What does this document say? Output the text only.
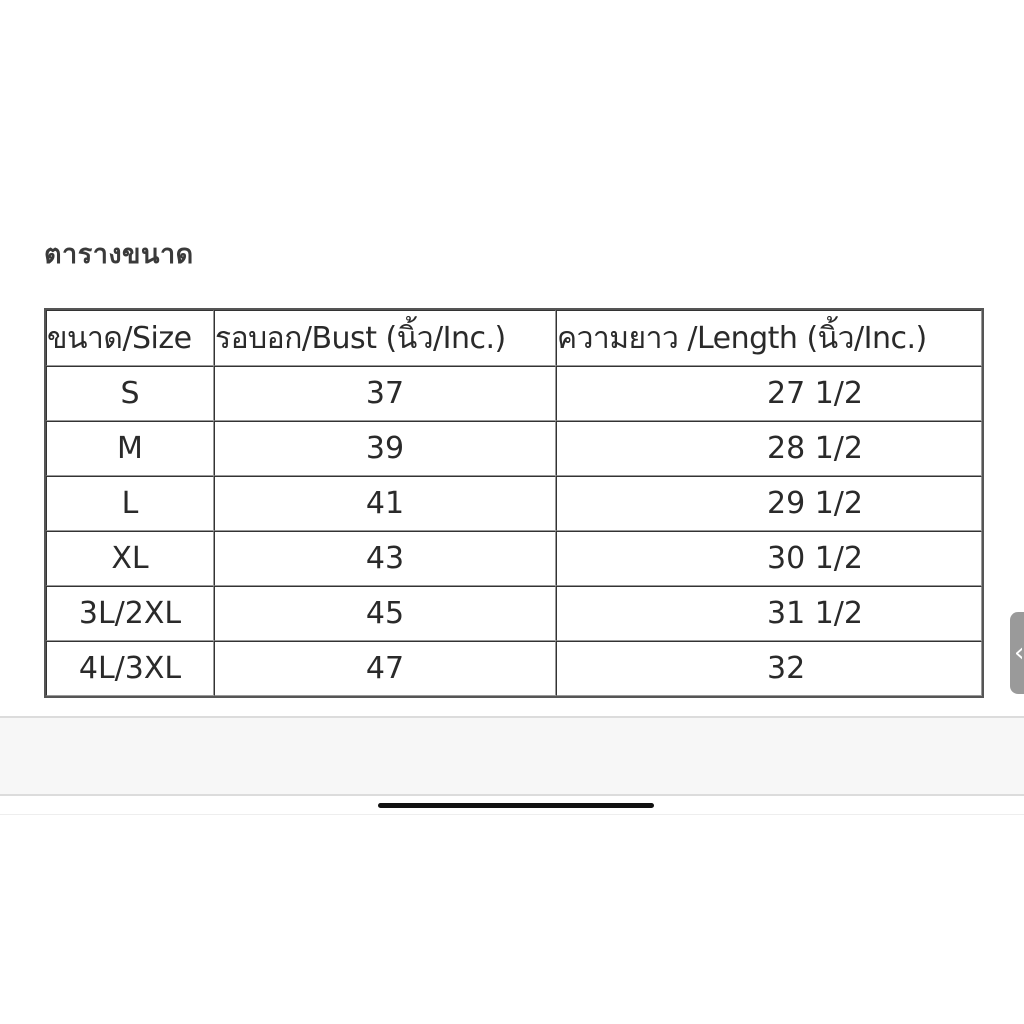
ตารางขนาด
ขนาด/Size	รอบอก/Bust (นิ้ว/Inc.)	ความยาว /Length (นิ้ว/Inc.)
S	37	27 1/2
M	39	28 1/2
L	41	29 1/2
XL	43	30 1/2
3L/2XL	45	31 1/2
4L/3XL	47	32	‹
